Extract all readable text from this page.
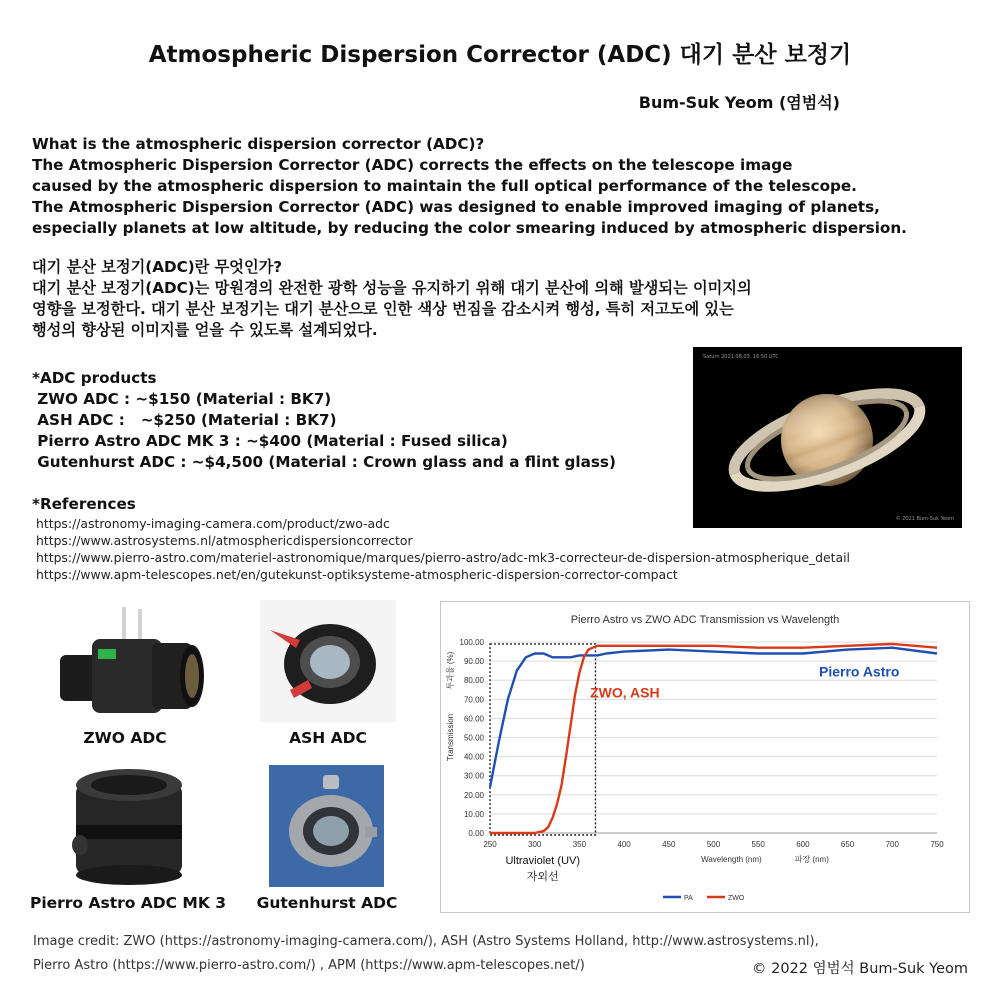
Atmospheric Dispersion Corrector (ADC) 대기 분산 보정기
Bum-Suk Yeom (염범석)
What is the atmospheric dispersion corrector (ADC)?
The Atmospheric Dispersion Corrector (ADC) corrects the effects on the telescope image
caused by the atmospheric dispersion to maintain the full optical performance of the telescope.
The Atmospheric Dispersion Corrector (ADC) was designed to enable improved imaging of planets,
especially planets at low altitude, by reducing the color smearing induced by atmospheric dispersion.
대기 분산 보정기(ADC)란 무엇인가?
대기 분산 보정기(ADC)는 망원경의 완전한 광학 성능을 유지하기 위해 대기 분산에 의해 발생되는 이미지의
영향을 보정한다. 대기 분산 보정기는 대기 분산으로 인한 색상 번짐을 감소시켜 행성, 특히 저고도에 있는
행성의 향상된 이미지를 얻을 수 있도록 설계되었다.
*ADC products
ZWO ADC : ~$150 (Material : BK7)
ASH ADC :   ~$250 (Material : BK7)
Pierro Astro ADC MK 3 : ~$400 (Material : Fused silica)
Gutenhurst ADC : ~$4,500 (Material : Crown glass and a flint glass)
*References
https://astronomy-imaging-camera.com/product/zwo-adc
https://www.astrosystems.nl/atmosphericdispersioncorrector
https://www.pierro-astro.com/materiel-astronomique/marques/pierro-astro/adc-mk3-correcteur-de-dispersion-atmospherique_detail
https://www.apm-telescopes.net/en/gutekunst-optiksysteme-atmospheric-dispersion-corrector-compact
Saturn 2021.08.03. 16:50 UTC
© 2021 Bum-Suk Yeom
ZWO ADC	ASH ADC
Pierro Astro ADC MK 3 Gutenhurst ADC
Pierro Astro vs ZWO ADC Transmission vs Wavelength
0.00
10.00
20.00
30.00
40.00
50.00
60.00
70.00
80.00
90.00
100.00
250	300	350	400	450	500	550	600	650	700	750
Wavelength (nm)	파장 (nm)
Transmission
투과율 (%)
Ultraviolet (UV)
자외선
Pierro Astro
ZWO, ASH
PA	ZWO
Image credit: ZWO (https://astronomy-imaging-camera.com/), ASH (Astro Systems Holland, http://www.astrosystems.nl),
Pierro Astro (https://www.pierro-astro.com/) , APM (https://www.apm-telescopes.net/)	© 2022 염범석 Bum-Suk Yeom
